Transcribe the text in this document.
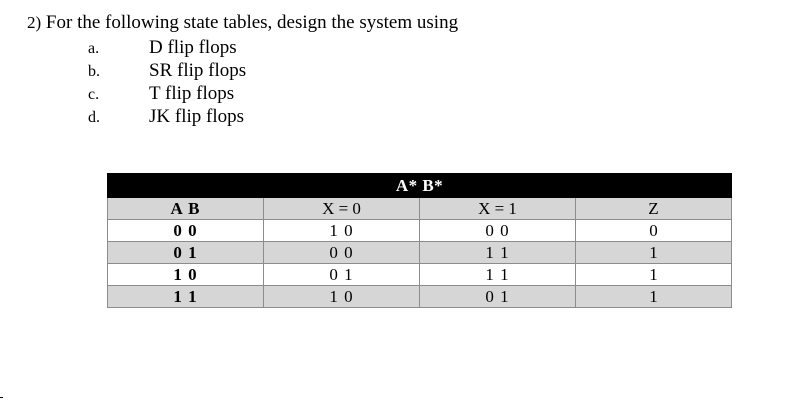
2) For the following state tables, design the system using
a.	D flip flops
b.	SR flip flops
c.	T flip flops
d.	JK flip flops
A* B*			
A B	X = 0	X = 1	Z
0 0	1 0	0 0	0
0 1	0 0	1 1	1
1 0	0 1	1 1	1
1 1	1 0	0 1	1
